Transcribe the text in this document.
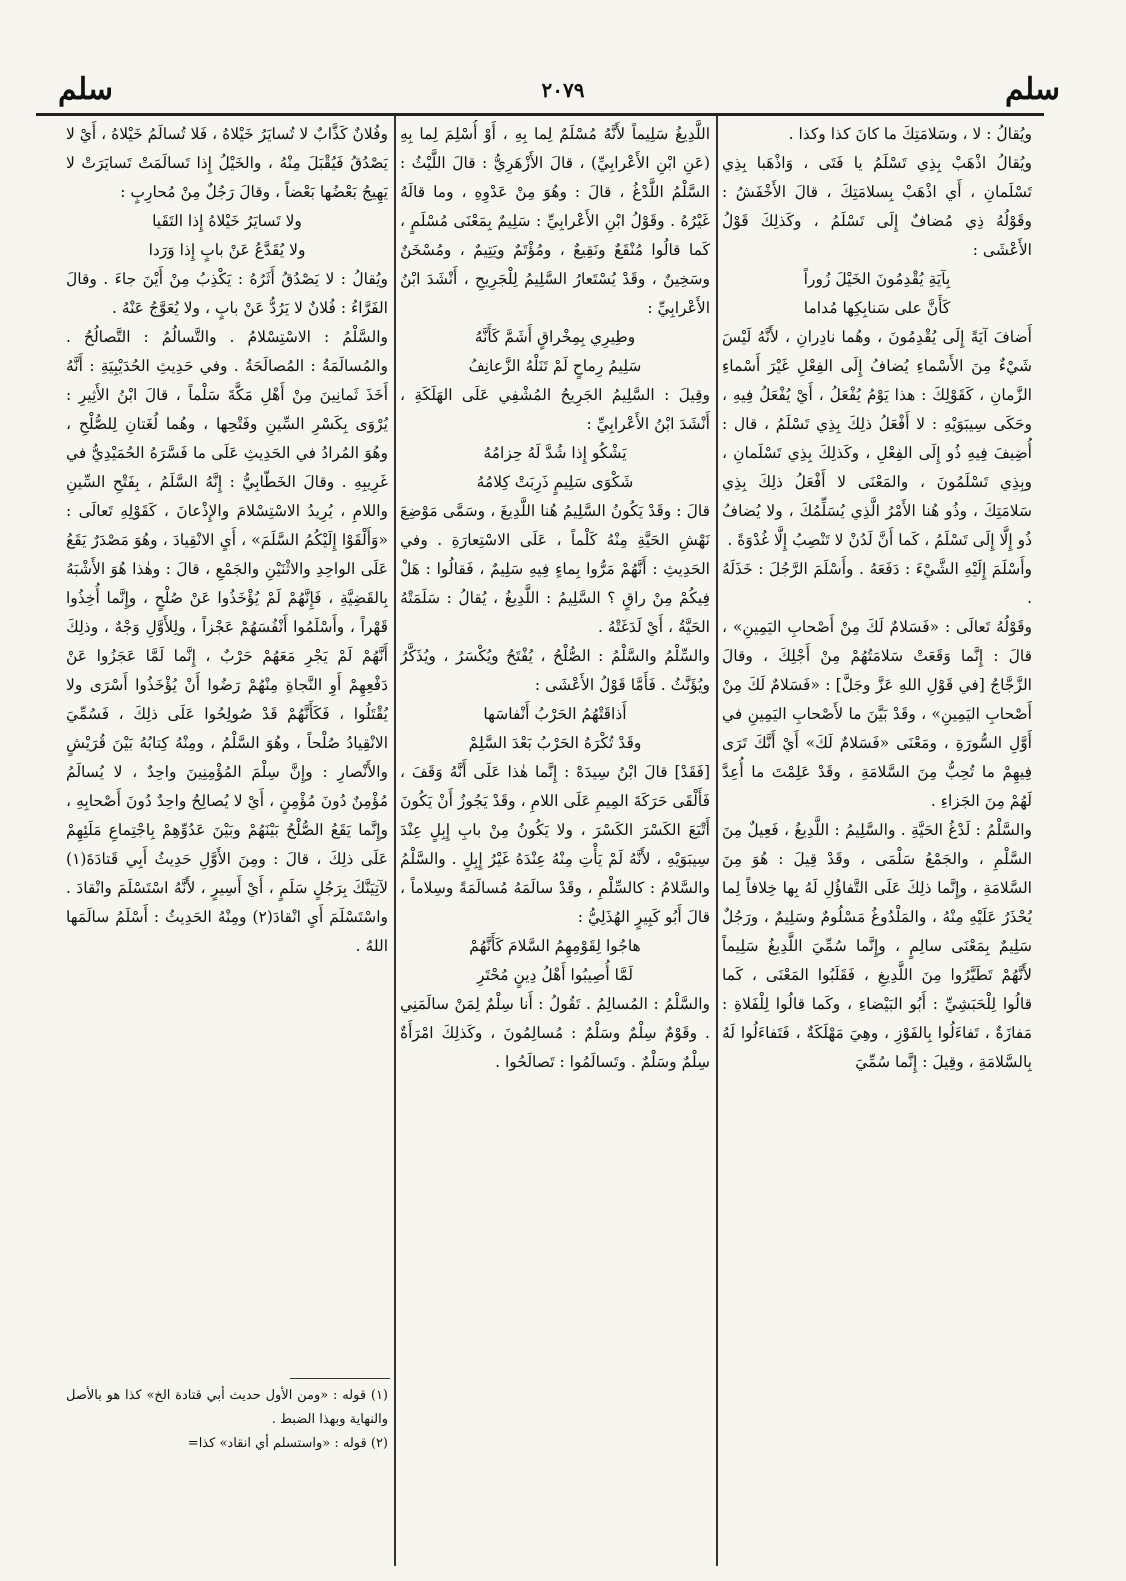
سلم	٢٠٧٩	سلم

ويُقالُ : لا ، وسَلامَتِكَ ما كانَ كذا وكذا .

ويُقالُ اذْهَبْ بِذِي تَسْلَمُ يا فَتَى ، وَاذْهَبا بِذِي تَسْلَمانِ ، أَي اذْهَبْ بِسلامَتِكَ ، قالَ الأَخْفَشُ : وقَوْلُهُ ذِي مُضافٌ إِلَى تَسْلَمُ ، وكَذلِكَ قَوْلُ الأَعْشَى :

بِآيَةِ يُقْدِمُونَ الخَيْلَ زُوراً

كَأَنَّ على سَنابِكِها مُداما

أَضافَ آيَةً إِلَى يُقْدِمُونَ ، وهُما نادِرانِ ، لأَنَّهُ لَيْسَ شَيْءٌ مِنَ الأَسْماءِ يُضافُ إِلَى الفِعْلِ غَيْرَ أَسْماءِ الزَّمانِ ، كَقَوْلِكَ : هذا يَوْمُ يُفْعَلُ ، أَيْ يُفْعَلُ فِيهِ ، وحَكَى سِيبَوَيْهِ : لا أَفْعَلُ ذلِكَ بِذِي تَسْلَمُ ، قال : أُضِيفَ فِيهِ ذُو إِلَى الفِعْلِ ، وكَذلِكَ بِذِي تَسْلَمانِ ، وبِذِي تَسْلَمُونَ ، والمَعْنَى لا أَفْعَلُ ذلِكَ بِذِي سَلامَتِكَ ، وذُو هُنا الأَمْرُ الَّذِي يُسَلِّمُكَ ، ولا يُضافُ ذُو إِلَّا إِلَى تَسْلَمُ ، كَما أَنَّ لَدُنْ لا تَنْصِبُ إِلَّا غُدْوَةً .

وأَسْلَمَ إِلَيْهِ الشَّيْءَ : دَفَعَهُ . وأَسْلَمَ الرَّجُلَ : خَذَلَهُ .

وقَوْلُهُ تَعالَى : «فَسَلامٌ لَكَ مِنْ أَصْحابِ اليَمِينِ» ، قالَ : إِنَّما وَقَعَتْ سَلامَتُهُمْ مِنْ أَجْلِكَ ، وقالَ الزَّجَّاجُ [في قَوْلِ اللهِ عَزَّ وجَلَّ] : «فَسَلامٌ لَكَ مِنْ أَصْحابِ اليَمِينِ» ، وقَدْ بَيَّنَ ما لأَصْحابِ اليَمِينِ في أَوَّلِ السُّورَةِ ، ومَعْنَى «فَسَلامٌ لَكَ» أَيْ أَنَّكَ تَرَى فِيهِمْ ما تُحِبُّ مِنَ السَّلامَةِ ، وقَدْ عَلِمْتَ ما أُعِدَّ لَهُمْ مِنَ الجَزاءِ .

والسَّلْمُ : لَدْغُ الحَيَّةِ . والسَّلِيمُ : اللَّدِيغُ ، فَعِيلٌ مِنَ السَّلْمِ ، والجَمْعُ سَلْمَى ، وقَدْ قِيلَ : هُوَ مِنَ السَّلامَةِ ، وإِنَّما ذلِكَ عَلَى التَّفاؤُلِ لَهُ بِها خِلافاً لِما يُحْذَرُ عَلَيْهِ مِنْهُ ، والمَلْدُوغُ مَسْلُومٌ وسَلِيمٌ ، ورَجُلٌ سَلِيمٌ بِمَعْنَى سالِمٍ ، وإِنَّما سُمِّيَ اللَّدِيغُ سَلِيماً لأَنَّهُمْ تَطَيَّرُوا مِنَ اللَّدِيغِ ، فَقَلَبُوا المَعْنَى ، كَما قالُوا لِلْحَبَشِيِّ : أَبُو البَيْضاءِ ، وكَما قالُوا لِلْفَلاةِ : مَفازَةٌ ، تَفاءَلُوا بِالفَوْزِ ، وهِيَ مَهْلَكَةٌ ، فَتَفاءَلُوا لَهُ بِالسَّلامَةِ ، وقِيلَ : إِنَّما سُمِّيَ

اللَّدِيغُ سَلِيماً لأَنَّهُ مُسْلَمٌ لِما بِهِ ، أَوْ أُسْلِمَ لِما بِهِ (عَنِ ابْنِ الأَعْرابِيِّ) ، قالَ الأَزْهَرِيُّ : قالَ اللَّيْثُ : السَّلْمُ اللَّدْغُ ، قالَ : وهُوَ مِنْ عَدْوِهِ ، وما قالَهُ غَيْرُهُ . وقَوْلُ ابْنِ الأَعْرابِيِّ : سَلِيمٌ بِمَعْنَى مُسْلَمٍ ، كَما قالُوا مُنْقَعٌ ونَقِيعٌ ، ومُؤْتَمٌ ويَتِيمٌ ، ومُسْخَنٌ وسَخِينٌ ، وقَدْ يُسْتَعارُ السَّلِيمُ لِلْجَرِيحِ ، أَنْشَدَ ابْنُ الأَعْرابِيِّ :

وطِيرِي بِمِخْراقٍ أَشَمَّ كَأَنَّهُ

سَلِيمُ رِماحٍ لَمْ تَنَلْهُ الزَّعانِفُ

وقِيلَ : السَّلِيمُ الجَرِيحُ المُشْفِي عَلَى الهَلَكَةِ ، أَنْشَدَ ابْنُ الأَعْرابِيِّ :

يَشْكُو إِذا شُدَّ لَهُ حِزامُهُ

شَكْوَى سَلِيمٍ ذَرِبَتْ كِلامُهُ

قالَ : وقَدْ يَكُونُ السَّلِيمُ هُنا اللَّدِيغَ ، وسَمَّى مَوْضِعَ نَهْشِ الحَيَّةِ مِنْهُ كَلْماً ، عَلَى الاسْتِعارَةِ . وفي الحَدِيثِ : أَنَّهُمْ مَرُّوا بِماءٍ فِيهِ سَلِيمٌ ، فَقالُوا : هَلْ فِيكُمْ مِنْ راقٍ ؟ السَّلِيمُ : اللَّدِيغُ ، يُقالُ : سَلَمَتْهُ الحَيَّةُ ، أَيْ لَدَغَتْهُ .

والسِّلْمُ والسَّلْمُ : الصُّلْحُ ، يُفْتَحُ ويُكْسَرُ ، ويُذَكَّرُ ويُؤَنَّثُ . فَأَمَّا قَوْلُ الأَعْشَى :

أَذاقَتْهُمُ الحَرْبُ أَنْفاسَها

وقَدْ تُكْرَهُ الحَرْبُ بَعْدَ السَّلِمْ

[فَقَدْ] قالَ ابْنُ سِيدَهْ : إِنَّما هٰذا عَلَى أَنَّهُ وَقَفَ ، فَأَلْقَى حَرَكَةَ المِيمِ عَلَى اللامِ ، وقَدْ يَجُوزُ أَنْ يَكُونَ أَتْبَعَ الكَسْرَ الكَسْرَ ، ولا يَكُونُ مِنْ بابِ إِبِلٍ عِنْدَ سِيبَوَيْهِ ، لأَنَّهُ لَمْ يَأْتِ مِنْهُ عِنْدَهُ غَيْرُ إِبِلٍ . والسَّلْمُ والسَّلامُ : كالسِّلْمِ ، وقَدْ سالَمَهُ مُسالَمَةً وسِلاماً ، قالَ أَبُو كَبِيرٍ الهُذَلِيُّ :

هاجُوا لِقَوْمِهِمُ السَّلامَ كَأَنَّهُمْ

لَمَّا أُصِيبُوا أَهْلُ دِينٍ مُحْتَرِ

والسَّلْمُ : المُسالِمُ . تَقُولُ : أَنا سِلْمٌ لِمَنْ سالَمَنِي . وقَوْمٌ سِلْمٌ وسَلْمٌ : مُسالِمُونَ ، وكَذلِكَ امْرَأَةٌ سِلْمٌ وسَلْمٌ . وتَسالَمُوا : تَصالَحُوا .

وفُلانٌ كَذَّابٌ لا تُسايَرُ خَيْلاهُ ، فَلا تُسالَمُ خَيْلاهُ ، أَيْ لا يَصْدُقُ فَيُقْبَلَ مِنْهُ ، والخَيْلُ إِذا تَسالَمَتْ تَسايَرَتْ لا يَهِيجُ بَعْضُها بَعْضاً ، وقالَ رَجُلٌ مِنْ مُحارِبٍ :

ولا تَسايَرُ خَيْلاهُ إِذا التَقَيا

ولا يُقَدَّعُ عَنْ بابٍ إِذا وَرَدا

ويُقالُ : لا يَصْدُقُ أَثَرُهُ : يَكْذِبُ مِنْ أَيْنَ جاءَ . وقالَ الفَرَّاءُ : فُلانٌ لا يَرُدُّ عَنْ بابٍ ، ولا يُعَوَّجُ عَنْهُ .

والسَّلْمُ : الاسْتِسْلامُ . والتَّسالُمُ : التَّصالُحُ . والمُسالَمَةُ : المُصالَحَةُ . وفي حَدِيثِ الحُدَيْبِيَةِ : أَنَّهُ أَخَذَ ثَمانِينَ مِنْ أَهْلِ مَكَّةَ سَلْماً ، قالَ ابْنُ الأَثِيرِ : يُرْوَى بِكَسْرِ السِّينِ وفَتْحِها ، وهُما لُغَتانِ لِلصُّلْحِ ، وهُوَ المُرادُ في الحَدِيثِ عَلَى ما فَسَّرَهُ الحُمَيْدِيُّ في غَرِيبِهِ . وقالَ الخَطّابِيُّ : إِنَّهُ السَّلَمُ ، بِفَتْحِ السِّينِ واللامِ ، يُرِيدُ الاسْتِسْلامَ والإِذْعانَ ، كَقَوْلِهِ تَعالَى : «وَأَلْقَوْا إِلَيْكُمُ السَّلَمَ» ، أَيِ الانْقِيادَ ، وهُوَ مَصْدَرٌ يَقَعُ عَلَى الواحِدِ والاثْنَيْنِ والجَمْعِ ، قالَ : وهٰذا هُوَ الأَشْبَهُ بِالقَضِيَّةِ ، فَإِنَّهُمْ لَمْ يُؤْخَذُوا عَنْ صُلْحٍ ، وإِنَّما أُخِذُوا قَهْراً ، وأَسْلَمُوا أَنْفُسَهُمْ عَجْزاً ، ولِلأَوَّلِ وَجْهٌ ، وذلِكَ أَنَّهُمْ لَمْ يَجْرِ مَعَهُمْ حَرْبٌ ، إِنَّما لَمَّا عَجَزُوا عَنْ دَفْعِهِمْ أَوِ النَّجاةِ مِنْهُمْ رَضُوا أَنْ يُؤْخَذُوا أَسْرَى ولا يُقْتَلُوا ، فَكَأَنَّهُمْ قَدْ صُولِحُوا عَلَى ذلِكَ ، فَسُمِّيَ الانْقِيادُ صُلْحاً ، وهُوَ السَّلْمُ ، ومِنْهُ كِتابُهُ بَيْنَ قُرَيْشٍ والأَنْصارِ : وإِنَّ سِلْمَ المُؤْمِنِينَ واحِدٌ ، لا يُسالَمُ مُؤْمِنٌ دُونَ مُؤْمِنٍ ، أَيْ لا يُصالِحُ واحِدٌ دُونَ أَصْحابِهِ ، وإِنَّما يَقَعُ الصُّلْحُ بَيْنَهُمْ وبَيْنَ عَدُوِّهِمْ بِاجْتِماعِ مَلَئِهِمْ عَلَى ذلِكَ ، قالَ : ومِنَ الأَوَّلِ حَدِيثُ أَبِي قَتادَةَ(١) لآتِيَنَّكَ بِرَجُلٍ سَلَمٍ ، أَيْ أَسِيرٍ ، لأَنَّهُ اسْتَسْلَمَ وانْقادَ . واسْتَسْلَمَ أَيِ انْقادَ(٢) ومِنْهُ الحَدِيثُ : أَسْلَمُ سالَمَها اللهُ .

(١) قوله : «ومن الأول حديث أبي قتادة الخ» كذا هو بالأصل والنهاية وبهذا الضبط .

(٢) قوله : «واستسلم أي انقاد» كذا=
